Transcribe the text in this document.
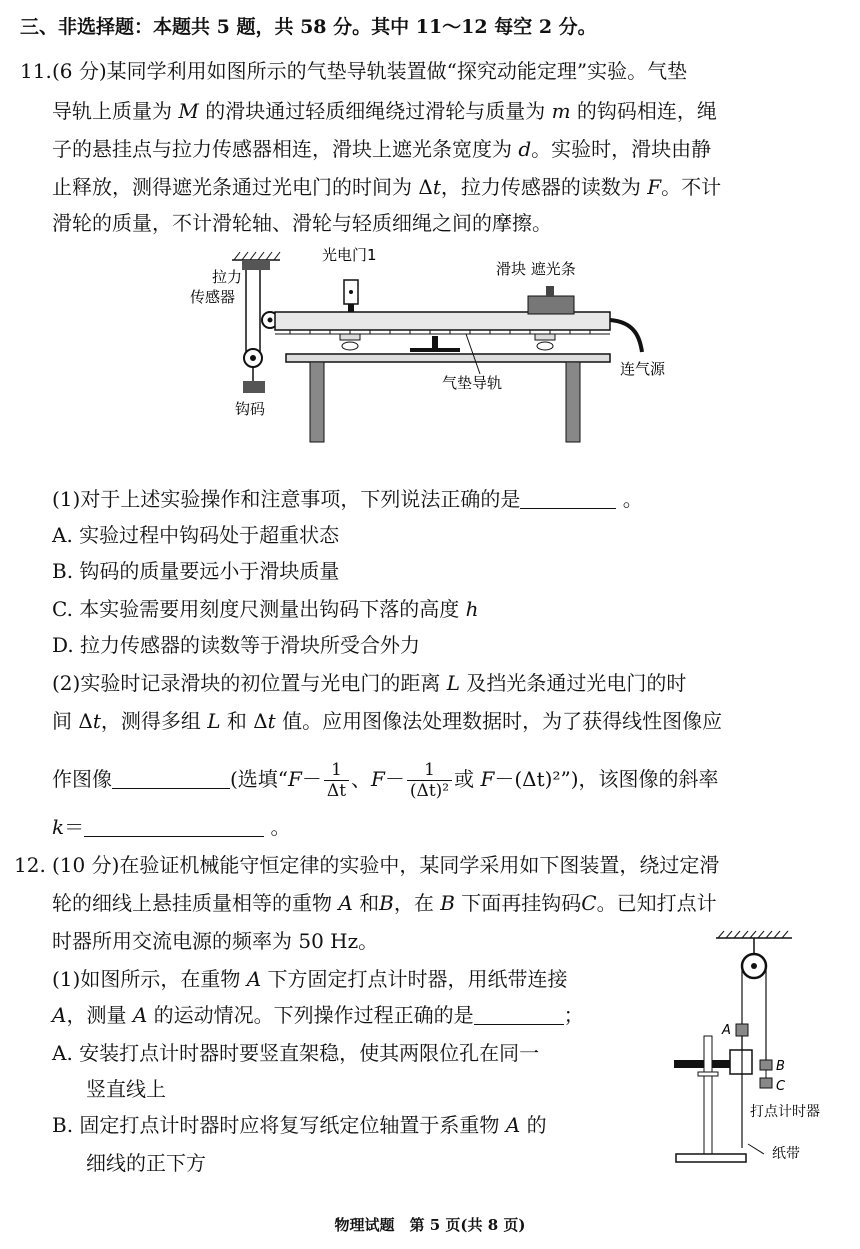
三、非选择题：本题共 5 题，共 58 分。其中 11～12 每空 2 分。
11. (6 分)某同学利用如图所示的气垫导轨装置做“探究动能定理”实验。气垫
导轨上质量为 M 的滑块通过轻质细绳绕过滑轮与质量为 m 的钩码相连，绳
子的悬挂点与拉力传感器相连，滑块上遮光条宽度为 d。实验时，滑块由静
止释放，测得遮光条通过光电门的时间为 Δt，拉力传感器的读数为 F。不计
滑轮的质量，不计滑轮轴、滑轮与轻质细绳之间的摩擦。
拉力
传感器
钩码
光电门1
滑块 遮光条
连气源
气垫导轨
(1)对于上述实验操作和注意事项，下列说法正确的是	。
A. 实验过程中钩码处于超重状态
B. 钩码的质量要远小于滑块质量
C. 本实验需要用刻度尺测量出钩码下落的高度 h
D. 拉力传感器的读数等于滑块所受合外力
(2)实验时记录滑块的初位置与光电门的距离 L 及挡光条通过光电门的时
间 Δt，测得多组 L 和 Δt 值。应用图像法处理数据时，为了获得线性图像应
作图像	(选填“$F- \frac{1}{\Delta t}$ 、$F- \frac{1}{\text{(Δt)²}}$ 或 F－(Δt)²”)，该图像的斜率
k＝	。
12. (10 分)在验证机械能守恒定律的实验中，某同学采用如下图装置，绕过定滑
轮的细线上悬挂质量相等的重物 A 和B，在 B 下面再挂钩码C。已知打点计
时器所用交流电源的频率为 50 Hz。
(1)如图所示，在重物 A 下方固定打点计时器，用纸带连接
A，测量 A 的运动情况。下列操作过程正确的是	；
A. 安装打点计时器时要竖直架稳，使其两限位孔在同一
竖直线上
B. 固定打点计时器时应将复写纸定位轴置于系重物 A 的
细线的正下方
A
B
C
打点计时器
纸带
物理试题　第 5 页(共 8 页)
